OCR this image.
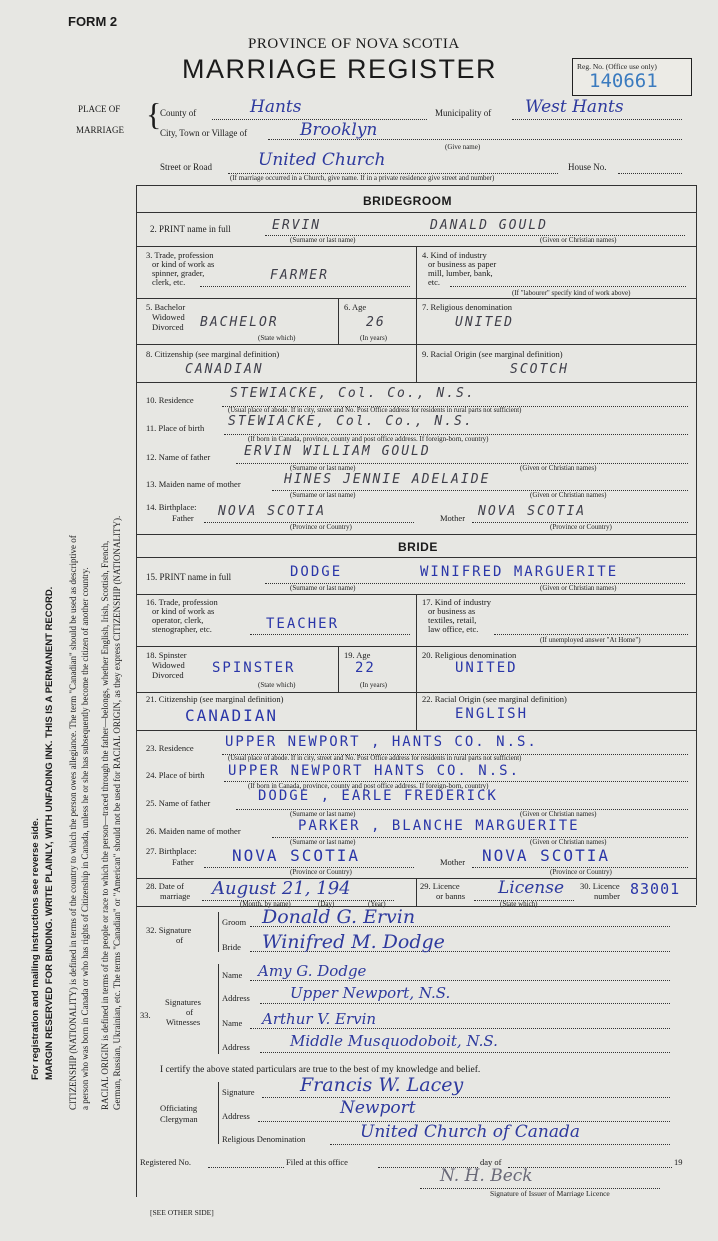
FORM 2
PROVINCE OF NOVA SCOTIA
MARRIAGE REGISTER	Reg. No. (Office use only)
140661
PLACE OF
MARRIAGE {
County of	Hants	Municipality of West Hants
City, Town or Village of	Brooklyn
(Give name)
Street or Road	United Church	House No.
(If marriage occurred in a Church, give name. If in a private residence give street and number)
For registration and mailing instructions see reverse side. MARGIN RESERVED FOR BINDING. WRITE PLAINLY, WITH UNFADING INK. THIS IS A PERMANENT RECORD. CITIZENSHIP (NATIONALITY) is defined in terms of the country to which the person owes allegiance. The term "Canadian" should be used as descriptive of a person who was born in Canada or who has rights of Citizenship in Canada, unless he or she has subsequently become the citizen of another country. RACIAL ORIGIN is defined in terms of the people or race to which the person—traced through the father—belongs, whether English, Irish, Scottish, French, German, Russian, Ukrainian, etc. The terms "Canadian" or "American" should not be used for RACIAL ORIGIN, as they express CITIZENSHIP (NATIONALITY).
BRIDEGROOM
2. PRINT name in full	ERVIN	DANALD GOULD
(Surname or last name)	(Given or Christian names)
3. Trade, profession
or kind of work as
spinner, grader,
clerk, etc.	FARMER
4. Kind of industry
or business as paper
mill, lumber, bank,
etc.
(If "labourer" specify kind of work above)
5. Bachelor
Widowed
Divorced BACHELOR
(State which)
6. Age
26
(In years)
7. Religious denomination
UNITED
8. Citizenship (see marginal definition)
CANADIAN
9. Racial Origin (see marginal definition)
SCOTCH
10. Residence	STEWIACKE, Col. Co., N.S.
(Usual place of abode. If in city, street and No. Post Office address for residents in rural parts not sufficient)
11. Place of birth STEWIACKE, Col. Co., N.S.
(If born in Canada, province, county and post office address. If foreign-born, country)
12. Name of father	ERVIN WILLIAM GOULD
(Surname or last name)	(Given or Christian names)
13. Maiden name of mother	HINES JENNIE ADELAIDE
(Surname or last name)	(Given or Christian names)
14. Birthplace:
Father NOVA SCOTIA
(Province or Country)
Mother NOVA SCOTIA
(Province or Country)
BRIDE
15. PRINT name in full	DODGE	WINIFRED MARGUERITE
(Surname or last name)	(Given or Christian names)
16. Trade, profession
or kind of work as
operator, clerk,
stenographer, etc.	TEACHER
17. Kind of industry
or business as
textiles, retail,
law office, etc.
(If unemployed answer "At Home")
18. Spinster
Widowed
Divorced SPINSTER
(State which)
19. Age
22
(In years)
20. Religious denomination
UNITED
21. Citizenship (see marginal definition)
CANADIAN
22. Racial Origin (see marginal definition)
ENGLISH
23. Residence UPPER NEWPORT , HANTS CO. N.S.
(Usual place of abode. If in city, street and No. Post Office address for residents in rural parts not sufficient)
24. Place of birth UPPER NEWPORT HANTS CO. N.S.
(If born in Canada, province, county and post office address. If foreign-born, country)
25. Name of father	DODGE , EARLE FREDERICK
(Surname or last name)	(Given or Christian names)
26. Maiden name of mother	PARKER , BLANCHE MARGUERITE
(Surname or last name)	(Given or Christian names)
27. Birthplace:
Father NOVA SCOTIA
(Province or Country)
Mother NOVA SCOTIA
(Province or Country)
28. Date of
marriage August 21, 194
(Month, by name)	(Day)	(Year)
29. Licence
or banns License
(State which)
30. Licence
number 83001
32. Signature
of
Groom Donald G. Ervin
Bride Winifred M. Dodge
33.
Signatures
of
Witnesses
Name Amy G. Dodge
Address	Upper Newport, N.S.
Name Arthur V. Ervin
Address	Middle Musquodoboit, N.S.
I certify the above stated particulars are true to the best of my knowledge and belief.
Officiating
Clergyman
Signature Francis W. Lacey
Address	Newport
Religious Denomination	United Church of Canada
Registered No.	Filed at this office	day of	19
N. H. Beck
Signature of Issuer of Marriage Licence
[SEE OTHER SIDE]
